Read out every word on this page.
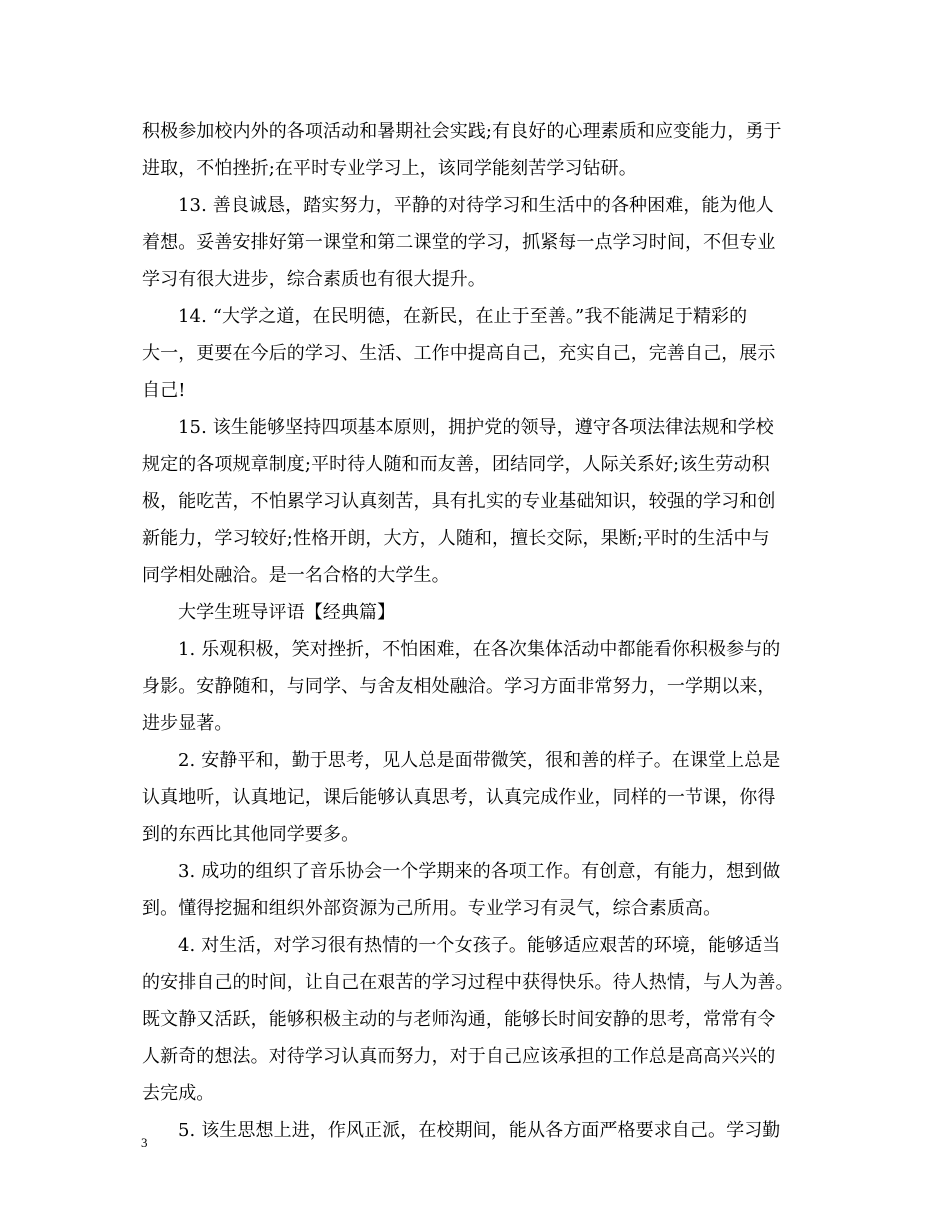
积极参加校内外的各项活动和暑期社会实践;有良好的心理素质和应变能力，勇于
进取，不怕挫折;在平时专业学习上，该同学能刻苦学习钻研。
13. 善良诚恳，踏实努力，平静的对待学习和生活中的各种困难，能为他人
着想。妥善安排好第一课堂和第二课堂的学习，抓紧每一点学习时间，不但专业
学习有很大进步，综合素质也有很大提升。
14. “大学之道，在民明德，在新民，在止于至善。”我不能满足于精彩的
大一，更要在今后的学习、生活、工作中提高自己，充实自己，完善自己，展示
自己!
15. 该生能够坚持四项基本原则，拥护党的领导，遵守各项法律法规和学校
规定的各项规章制度;平时待人随和而友善，团结同学，人际关系好;该生劳动积
极，能吃苦，不怕累学习认真刻苦，具有扎实的专业基础知识，较强的学习和创
新能力，学习较好;性格开朗，大方，人随和，擅长交际，果断;平时的生活中与
同学相处融洽。是一名合格的大学生。
大学生班导评语【经典篇】
1. 乐观积极，笑对挫折，不怕困难，在各次集体活动中都能看你积极参与的
身影。安静随和，与同学、与舍友相处融洽。学习方面非常努力，一学期以来，
进步显著。
2. 安静平和，勤于思考，见人总是面带微笑，很和善的样子。在课堂上总是
认真地听，认真地记，课后能够认真思考，认真完成作业，同样的一节课，你得
到的东西比其他同学要多。
3. 成功的组织了音乐协会一个学期来的各项工作。有创意，有能力，想到做
到。懂得挖掘和组织外部资源为己所用。专业学习有灵气，综合素质高。
4. 对生活，对学习很有热情的一个女孩子。能够适应艰苦的环境，能够适当
的安排自己的时间，让自己在艰苦的学习过程中获得快乐。待人热情，与人为善。
既文静又活跃，能够积极主动的与老师沟通，能够长时间安静的思考，常常有令
人新奇的想法。对待学习认真而努力，对于自己应该承担的工作总是高高兴兴的
去完成。
5. 该生思想上进，作风正派，在校期间，能从各方面严格要求自己。学习勤
3
